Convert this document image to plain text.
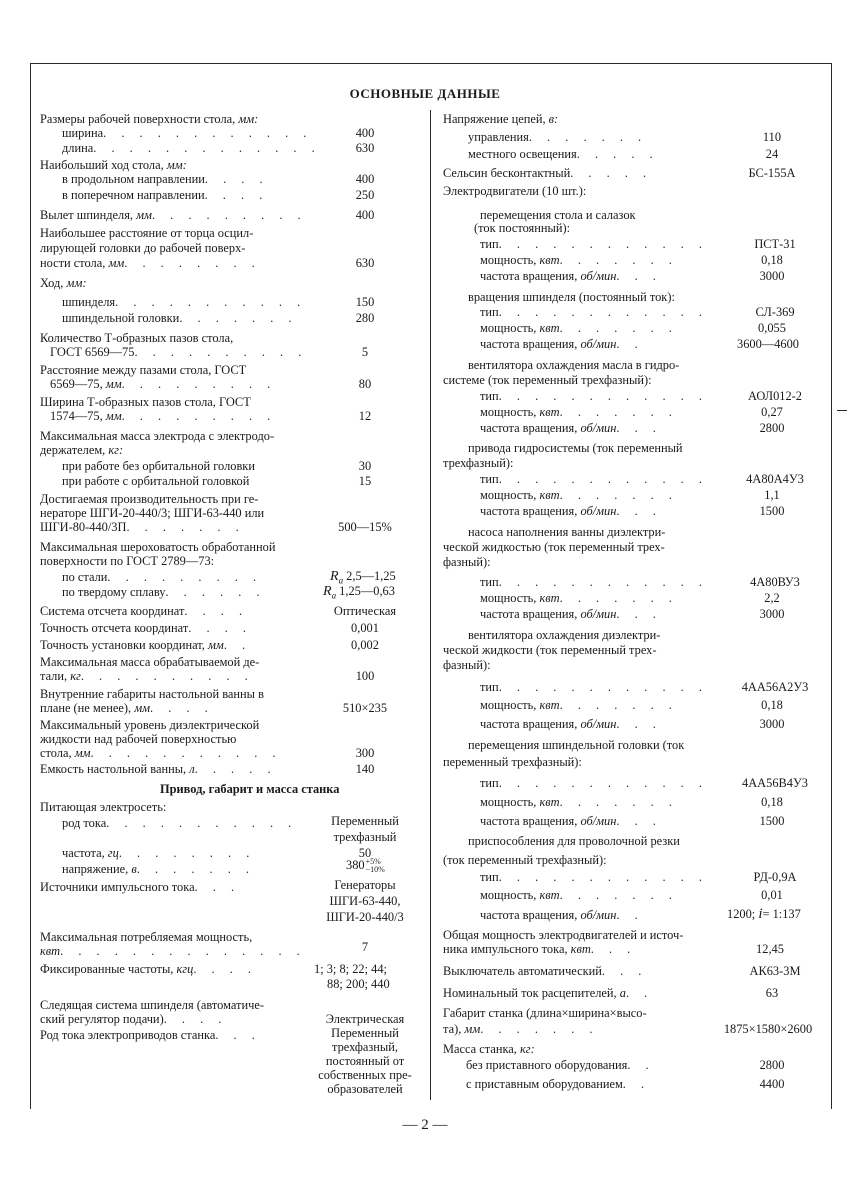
ОСНОВНЫЕ ДАННЫЕ
Размеры рабочей поверхности стола, мм:
ширина . . . . . . . . . . . .	400
длина . . . . . . . . . . . . .	630
Наибольший ход стола, мм:
в продольном направлении . . . .	400
в поперечном направлении . . . .	250
Вылет шпинделя, мм . . . . . . . . .	400
Наибольшее расстояние от торца осцил-
лирующей головки до рабочей поверх-
ности стола, мм . . . . . . . .	630
Ход, мм:
шпинделя . . . . . . . . . . .	150
шпиндельной головки . . . . . . .	280
Количество Т-образных пазов стола,
ГОСТ 6569—75 . . . . . . . . . .	5
Расстояние между пазами стола, ГОСТ
6569—75, мм . . . . . . . . .	80
Ширина Т-образных пазов стола, ГОСТ
1574—75, мм . . . . . . . . .	12
Максимальная масса электрода с электродо-
держателем, кг:
при работе без орбитальной головки	30
при работе с орбитальной головкой	15
Достигаемая производительность при ге-
нераторе ШГИ-20-440/3; ШГИ-63-440 или
ШГИ-80-440/3П . . . . . . .	500—15%
Максимальная шероховатость обработанной
поверхности по ГОСТ 2789—73:
по стали . . . . . . . . .	$R_a$ 2,5—1,25
по твердому сплаву . . . . . .	$R_a$ 1,25—0,63
Система отсчета координат . . . .	Оптическая
Точность отсчета координат . . . .	0,001
Точность установки координат, мм . .	0,002
Максимальная масса обрабатываемой де-
тали, кг . . . . . . . . . .	100
Внутренние габариты настольной ванны в
плане (не менее), мм . . . .	510×235
Максимальный уровень диэлектрической
жидкости над рабочей поверхностью
стола, мм . . . . . . . . . . .	300
Емкость настольной ванны, л . . . . .	140
Привод, габарит и масса станка
Питающая электросеть:
род тока . . . . . . . . . . .	Переменный
трехфазный
частота, гц . . . . . . . .	50
напряжение, в . . . . . . .	380+5%
−10%
Источники импульсного тока . . .	Генераторы
ШГИ-63-440,
ШГИ-20-440/3
Максимальная потребляемая мощность,
квт . . . . . . . . . . . . . .	7
Фиксированные частоты, кгц . . . .	1; 3; 8; 22; 44;
88; 200; 440
Следящая система шпинделя (автоматиче-
ский регулятор подачи) . . . .	Электрическая
Род тока электроприводов станка . . .	Переменный
трехфазный,
постоянный от
собственных пре-
образователей
Напряжение цепей, в:
управления . . . . . . .	110
местного освещения . . . . .	24
Сельсин бесконтактный . . . . .	БС-155А
Электродвигатели (10 шт.):
перемещения стола и салазок
(ток постоянный):
тип . . . . . . . . . . . .	ПСТ-31
мощность, квт . . . . . . .	0,18
частота вращения, об/мин . . .	3000
вращения шпинделя (постоянный ток):
тип . . . . . . . . . . . .	СЛ-369
мощность, квт . . . . . . .	0,055
частота вращения, об/мин . .	3600—4600
вентилятора охлаждения масла в гидро-
системе (ток переменный трехфазный):
тип . . . . . . . . . . . .	АОЛ012-2
мощность, квт . . . . . . .	0,27
частота вращения, об/мин . . .	2800
привода гидросистемы (ток переменный
трехфазный):
тип . . . . . . . . . . . .	4А80А4У3
мощность, квт . . . . . . .	1,1
частота вращения, об/мин . . .	1500
насоса наполнения ванны диэлектри-
ческой жидкостью (ток переменный трех-
фазный):
тип . . . . . . . . . . . .	4А80ВУ3
мощность, квт . . . . . . .	2,2
частота вращения, об/мин . . .	3000
вентилятора охлаждения диэлектри-
ческой жидкости (ток переменный трех-
фазный):
тип . . . . . . . . . . . .	4АА56А2У3
мощность, квт . . . . . . .	0,18
частота вращения, об/мин . . .	3000
перемещения шпиндельной головки (ток
переменный трехфазный):
тип . . . . . . . . . . . .	4АА56В4У3
мощность, квт . . . . . . .	0,18
частота вращения, об/мин . . .	1500
приспособления для проволочной резки
(ток переменный трехфазный):
тип . . . . . . . . . . . .	РД-0,9А
мощность, квт . . . . . . .	0,01
частота вращения, об/мин . .	1200; i= 1:137
Общая мощность электродвигателей и источ-
ника импульсного тока, квт . . .	12,45
Выключатель автоматический . . .	АК63-3М
Номинальный ток расцепителей, а . .	63
Габарит станка (длина×ширина×высо-
та), мм . . . . . . .	1875×1580×2600
Масса станка, кг:
без приставного оборудования . .	2800
с приставным оборудованием . .	4400
— 2 —
